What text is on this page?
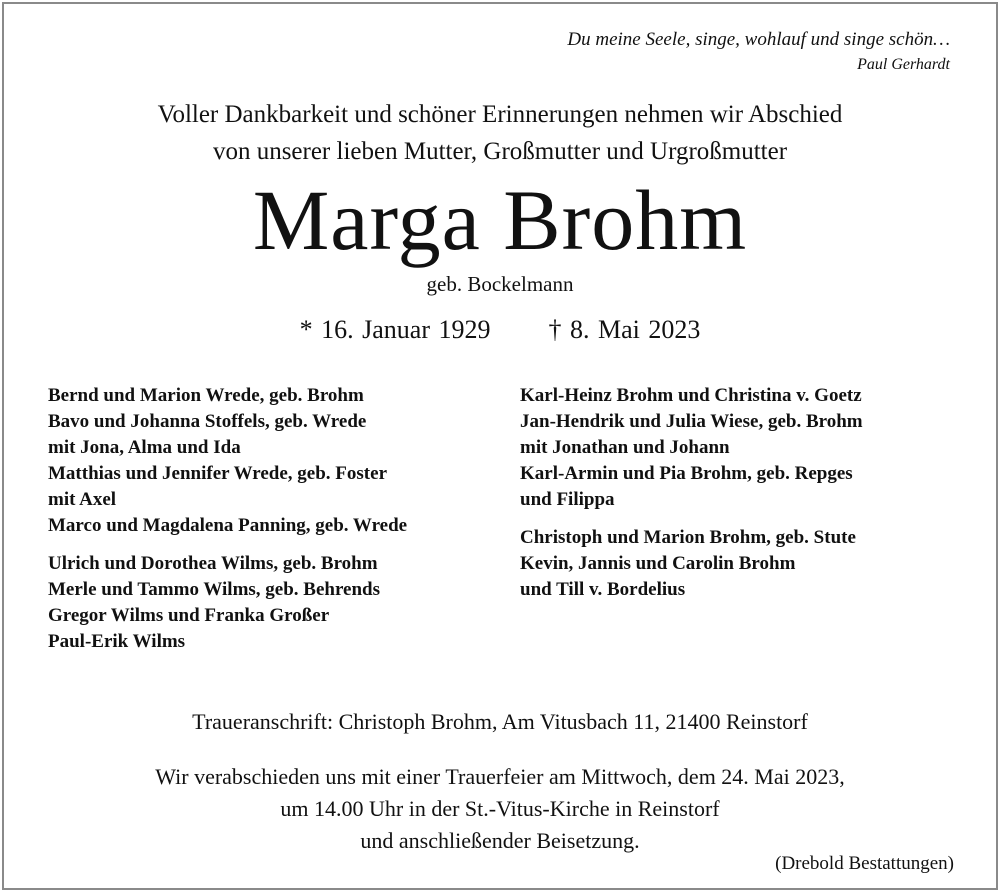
Du meine Seele, singe, wohlauf und singe schön…
Paul Gerhardt
Voller Dankbarkeit und schöner Erinnerungen nehmen wir Abschied
von unserer lieben Mutter, Großmutter und Urgroßmutter
Marga Brohm
geb. Bockelmann
* 16. Januar 1929 † 8. Mai 2023
Bernd und Marion Wrede, geb. Brohm
Bavo und Johanna Stoffels, geb. Wrede
mit Jona, Alma und Ida
Matthias und Jennifer Wrede, geb. Foster
mit Axel
Marco und Magdalena Panning, geb. Wrede
Ulrich und Dorothea Wilms, geb. Brohm
Merle und Tammo Wilms, geb. Behrends
Gregor Wilms und Franka Großer
Paul-Erik Wilms
Karl-Heinz Brohm und Christina v. Goetz
Jan-Hendrik und Julia Wiese, geb. Brohm
mit Jonathan und Johann
Karl-Armin und Pia Brohm, geb. Repges
und Filippa
Christoph und Marion Brohm, geb. Stute
Kevin, Jannis und Carolin Brohm
und Till v. Bordelius
Traueranschrift: Christoph Brohm, Am Vitusbach 11, 21400 Reinstorf
Wir verabschieden uns mit einer Trauerfeier am Mittwoch, dem 24. Mai 2023,
um 14.00 Uhr in der St.-Vitus-Kirche in Reinstorf
und anschließender Beisetzung.
(Drebold Bestattungen)
